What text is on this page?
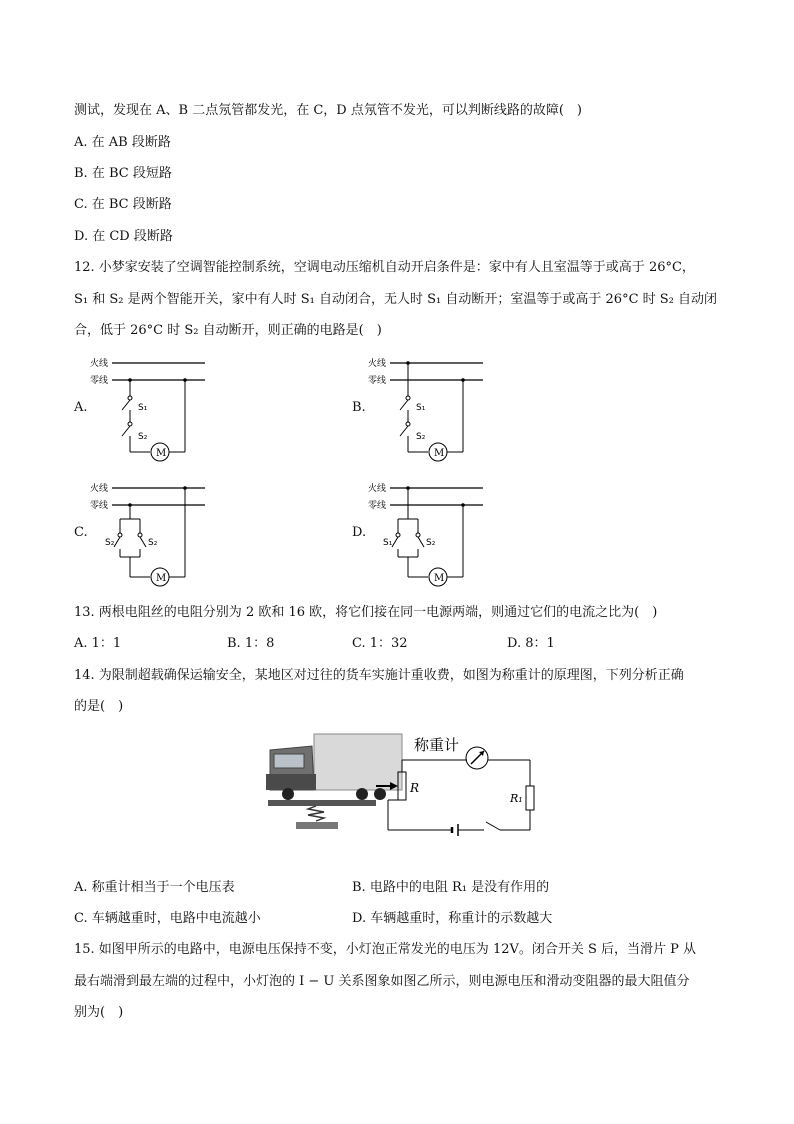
测试，发现在 A、B 二点氖管都发光，在 C，D 点氖管不发光，可以判断线路的故障(　)
A. 在 AB 段断路
B. 在 BC 段短路
C. 在 BC 段断路
D. 在 CD 段断路
12. 小梦家安装了空调智能控制系统，空调电动压缩机自动开启条件是：家中有人且室温等于或高于 26°C，
S₁ 和 S₂ 是两个智能开关，家中有人时 S₁ 自动闭合，无人时 S₁ 自动断开；室温等于或高于 26°C 时 S₂ 自动闭
合，低于 26°C 时 S₂ 自动断开，则正确的电路是(　)
A.	B.
C.	D.
火线
零线
S₁
S₂
M
火线
零线
S₁
S₂
M
火线
零线
S₂	S₂
M
火线
零线
S₁	S₂
M
13. 两根电阻丝的电阻分别为 2 欧和 16 欧，将它们接在同一电源两端，则通过它们的电流之比为(　)
A. 1：1	B. 1：8	C. 1：32	D. 8：1
14. 为限制超载确保运输安全，某地区对过往的货车实施计重收费，如图为称重计的原理图，下列分析正确
的是(　)
R
称重计
R₁
A. 称重计相当于一个电压表	B. 电路中的电阻 R₁ 是没有作用的
C. 车辆越重时，电路中电流越小	D. 车辆越重时，称重计的示数越大
15. 如图甲所示的电路中，电源电压保持不变，小灯泡正常发光的电压为 12V。闭合开关 S 后，当滑片 P 从
最右端滑到最左端的过程中，小灯泡的 I − U 关系图象如图乙所示，则电源电压和滑动变阻器的最大阻值分
别为(　)
